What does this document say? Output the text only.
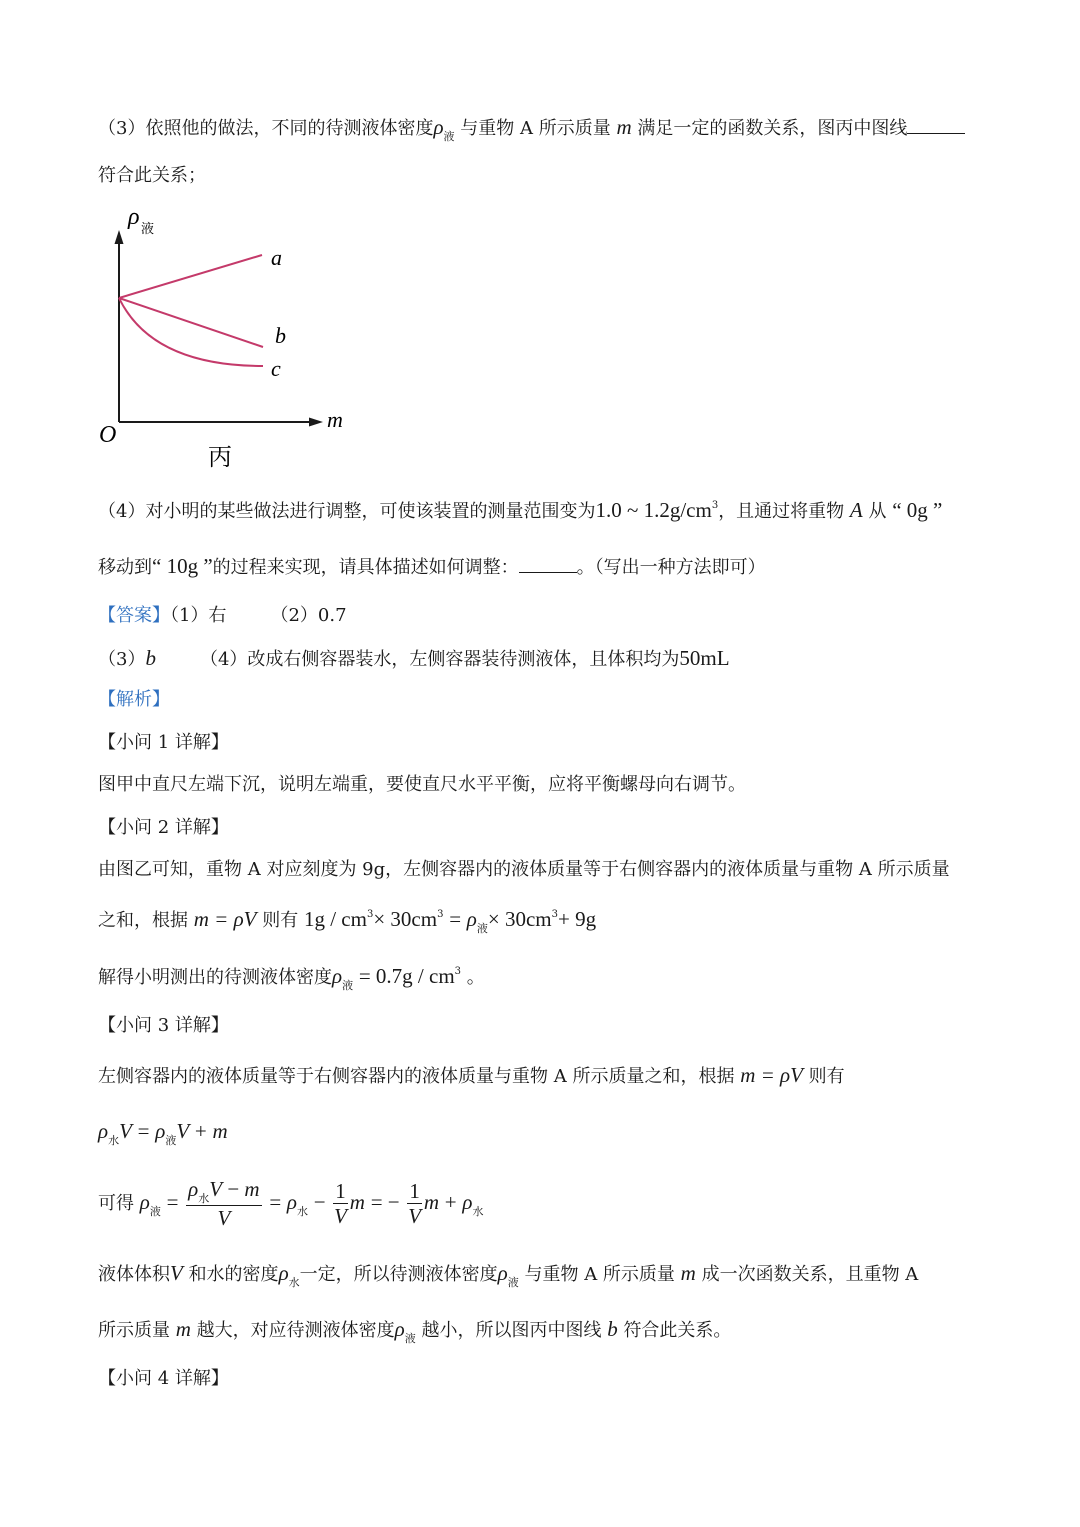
（3）依照他的做法，不同的待测液体密度$\rho_液$ 与重物 A 所示质量 m 满足一定的函数关系，图丙中图线
符合此关系；
ρ 液
a
b
c
m
O
丙
（4）对小明的某些做法进行调整，可使该装置的测量范围变为1.0 ~ $1.2g/cm^3$，且通过将重物 A 从 “ 0g ”
移动到“ 10g ”的过程来实现，请具体描述如何调整：	。（写出一种方法即可）
【答案】（1）右 （2）0.7
（3）b （4）改成右侧容器装水，左侧容器装待测液体，且体积均为50mL
【解析】
【小问 1 详解】
图甲中直尺左端下沉，说明左端重，要使直尺水平平衡，应将平衡螺母向右调节。
【小问 2 详解】
由图乙可知，重物 A 对应刻度为 9g，左侧容器内的液体质量等于右侧容器内的液体质量与重物 A 所示质量
之和，根据 m = ρV 则有 $1g / cm^3\times 30cm^3 = \rho_液\times 30cm^3+ 9g$
解得小明测出的待测液体密度$\rho_液 = 0.7g / cm^3$ 。
【小问 3 详解】
左侧容器内的液体质量等于右侧容器内的液体质量与重物 A 所示质量之和，根据 m = ρV 则有
$\rho_水V = \rho_液V + m$
可得 $\rho_液 = \frac{\rho_水V - m}{V} = \rho_水 - \frac{1}{V}$ m = − $\frac{1}{V}$ $m + \rho_水$
液体体积V 和水的密度$\rho_水$一定，所以待测液体密度$\rho_液$ 与重物 A 所示质量 m 成一次函数关系，且重物 A
所示质量 m 越大，对应待测液体密度$\rho_液$ 越小，所以图丙中图线 b 符合此关系。
【小问 4 详解】
